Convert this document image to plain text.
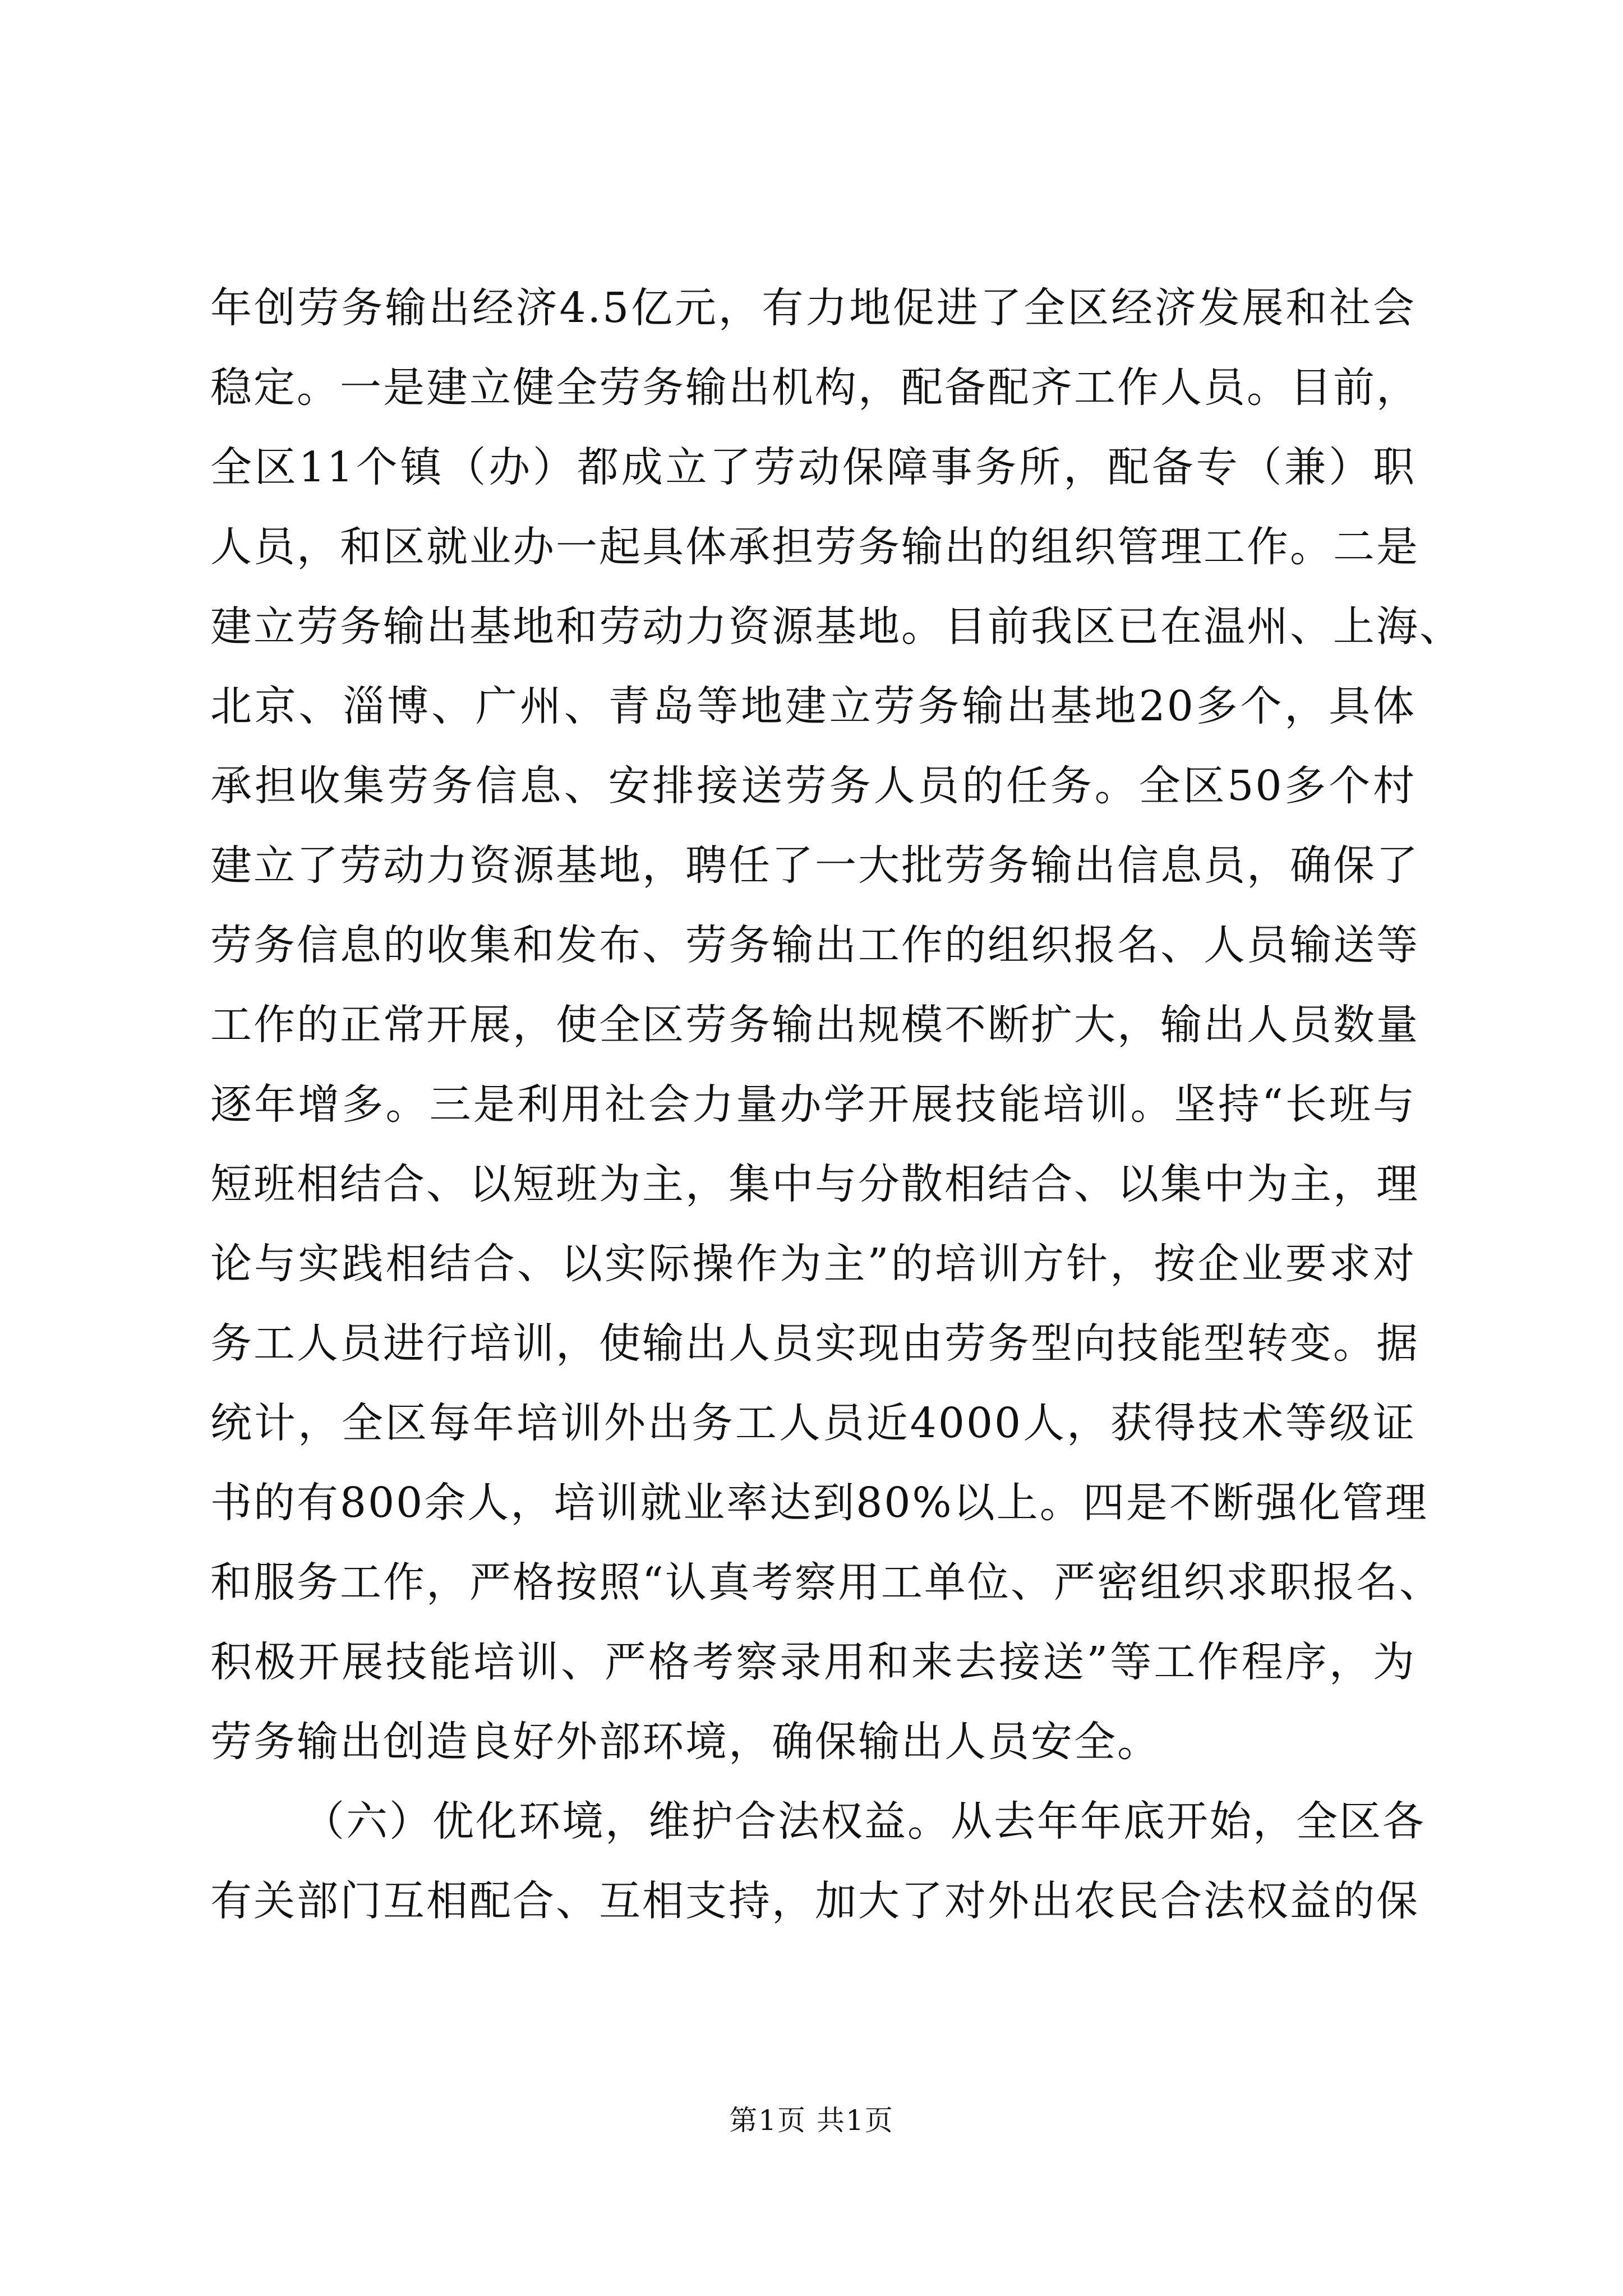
年创劳务输出经济4.5亿元，有力地促进了全区经济发展和社会
稳定。一是建立健全劳务输出机构，配备配齐工作人员。目前，
全区11个镇（办）都成立了劳动保障事务所，配备专（兼）职
人员，和区就业办一起具体承担劳务输出的组织管理工作。二是
建立劳务输出基地和劳动力资源基地。目前我区已在温州、上海、
北京、淄博、广州、青岛等地建立劳务输出基地20多个，具体
承担收集劳务信息、安排接送劳务人员的任务。全区50多个村
建立了劳动力资源基地，聘任了一大批劳务输出信息员，确保了
劳务信息的收集和发布、劳务输出工作的组织报名、人员输送等
工作的正常开展，使全区劳务输出规模不断扩大，输出人员数量
逐年增多。三是利用社会力量办学开展技能培训。坚持“长班与
短班相结合、以短班为主，集中与分散相结合、以集中为主，理
论与实践相结合、以实际操作为主”的培训方针，按企业要求对
务工人员进行培训，使输出人员实现由劳务型向技能型转变。据
统计，全区每年培训外出务工人员近4000人，获得技术等级证
书的有800余人，培训就业率达到80%以上。四是不断强化管理
和服务工作，严格按照“认真考察用工单位、严密组织求职报名、
积极开展技能培训、严格考察录用和来去接送”等工作程序，为
劳务输出创造良好外部环境，确保输出人员安全。
（六）优化环境，维护合法权益。从去年年底开始，全区各
有关部门互相配合、互相支持，加大了对外出农民合法权益的保
第1页 共1页
